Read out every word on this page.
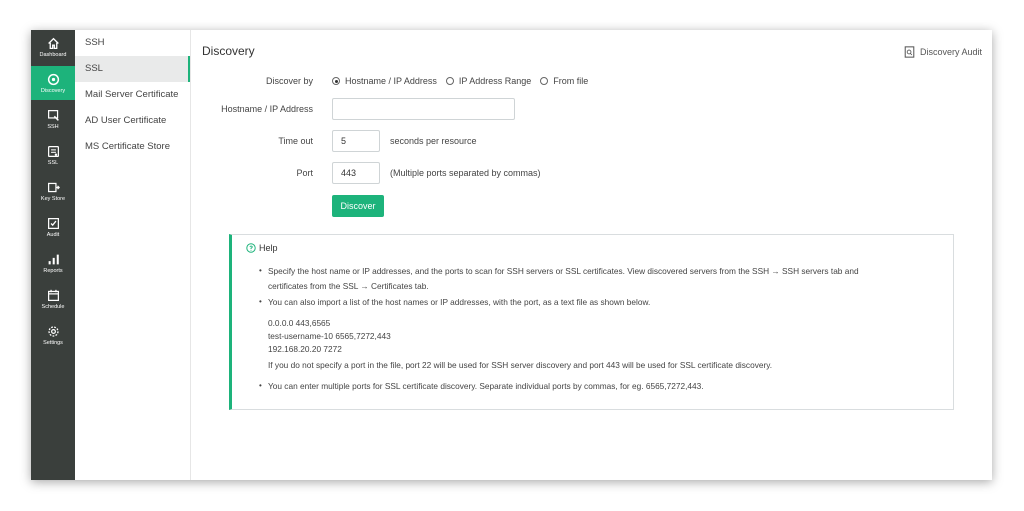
Dashboard
Discovery
SSH
SSL
Key Store
Audit
Reports
Schedule
Settings
SSH
SSL
Mail Server Certificate
AD User Certificate
MS Certificate Store
Discovery	Discovery Audit
Discover by	Hostname / IP Address IP Address Range From file
Hostname / IP Address
Time out	5	seconds per resource
Port	443	(Multiple ports separated by commas)
Discover
Help
• Specify the host name or IP addresses, and the ports to scan for SSH servers or SSL certificates. View discovered servers from the SSH → SSH servers tab and
certificates from the SSL → Certificates tab.
• You can also import a list of the host names or IP addresses, with the port, as a text file as shown below.
0.0.0.0 443,6565
test-username-10 6565,7272,443
192.168.20.20 7272
If you do not specify a port in the file, port 22 will be used for SSH server discovery and port 443 will be used for SSL certificate discovery.
• You can enter multiple ports for SSL certificate discovery. Separate individual ports by commas, for eg. 6565,7272,443.
